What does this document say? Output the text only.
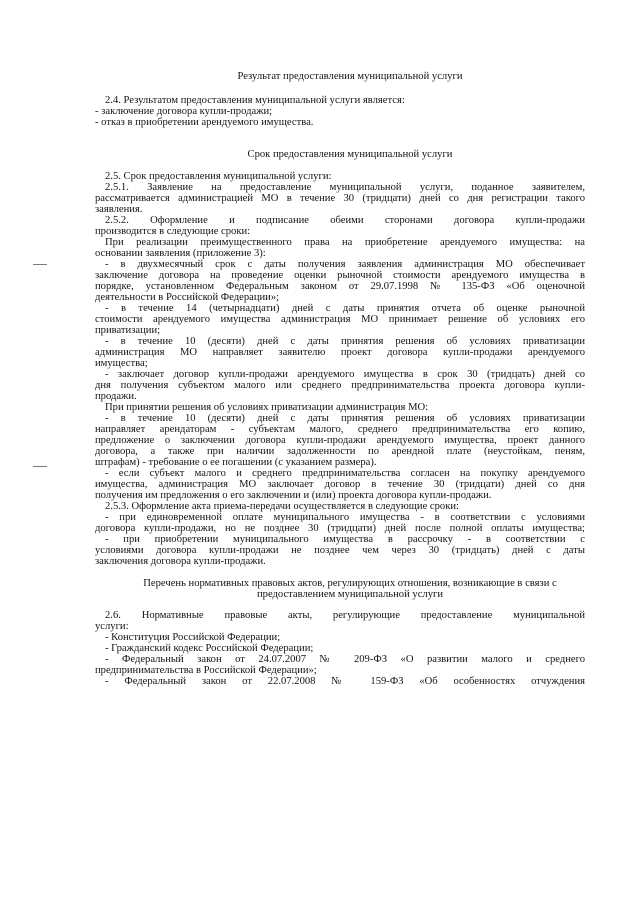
Результат предоставления муниципальной услуги
2.4. Результатом предоставления муниципальной услуги является:
- заключение договора купли-продажи;
- отказ в приобретении арендуемого имущества.
Срок предоставления муниципальной услуги
2.5. Срок предоставления муниципальной услуги:
2.5.1. Заявление на предоставление муниципальной услуги, поданное заявителем,
рассматривается администрацией МО в течение 30 (тридцати) дней со дня регистрации такого
заявления.
2.5.2. Оформление и подписание обеими сторонами договора купли-продажи
производится в следующие сроки:
При реализации преимущественного права на приобретение арендуемого имущества: на
основании заявления (приложение 3):
- в двухмесячный срок с даты получения заявления администрация МО обеспечивает
заключение договора на проведение оценки рыночной стоимости арендуемого имущества в
порядке, установленном Федеральным законом от 29.07.1998 № 135-ФЗ «Об оценочной
деятельности в Российской Федерации»;
- в течение 14 (четырнадцати) дней с даты принятия отчета об оценке рыночной
стоимости арендуемого имущества администрация МО принимает решение об условиях его
приватизации;
- в течение 10 (десяти) дней с даты принятия решения об условиях приватизации
администрация МО направляет заявителю проект договора купли-продажи арендуемого
имущества;
- заключает договор купли-продажи арендуемого имущества в срок 30 (тридцать) дней со
дня получения субъектом малого или среднего предпринимательства проекта договора купли-
продажи.
При принятии решения об условиях приватизации администрация МО:
- в течение 10 (десяти) дней с даты принятия решения об условиях приватизации
направляет арендаторам - субъектам малого, среднего предпринимательства его копию,
предложение о заключении договора купли-продажи арендуемого имущества, проект данного
договора, а также при наличии задолженности по арендной плате (неустойкам, пеням,
штрафам) - требование о ее погашении (с указанием размера).
- если субъект малого и среднего предпринимательства согласен на покупку арендуемого
имущества, администрация МО заключает договор в течение 30 (тридцати) дней со дня
получения им предложения о его заключении и (или) проекта договора купли-продажи.
2.5.3. Оформление акта приема-передачи осуществляется в следующие сроки:
- при единовременной оплате муниципального имущества - в соответствии с условиями
договора купли-продажи, но не позднее 30 (тридцати) дней после полной оплаты имущества;
- при приобретении муниципального имущества в рассрочку - в соответствии с
условиями договора купли-продажи не позднее чем через 30 (тридцать) дней с даты
заключения договора купли-продажи.
Перечень нормативных правовых актов, регулирующих отношения, возникающие в связи с
предоставлением муниципальной услуги
2.6. Нормативные правовые акты, регулирующие предоставление муниципальной
услуги:
- Конституция Российской Федерации;
- Гражданский кодекс Российской Федерации;
- Федеральный закон от 24.07.2007 № 209-ФЗ «О развитии малого и среднего
предпринимательства в Российской Федерации»;
- Федеральный закон от 22.07.2008 № 159-ФЗ «Об особенностях отчуждения
